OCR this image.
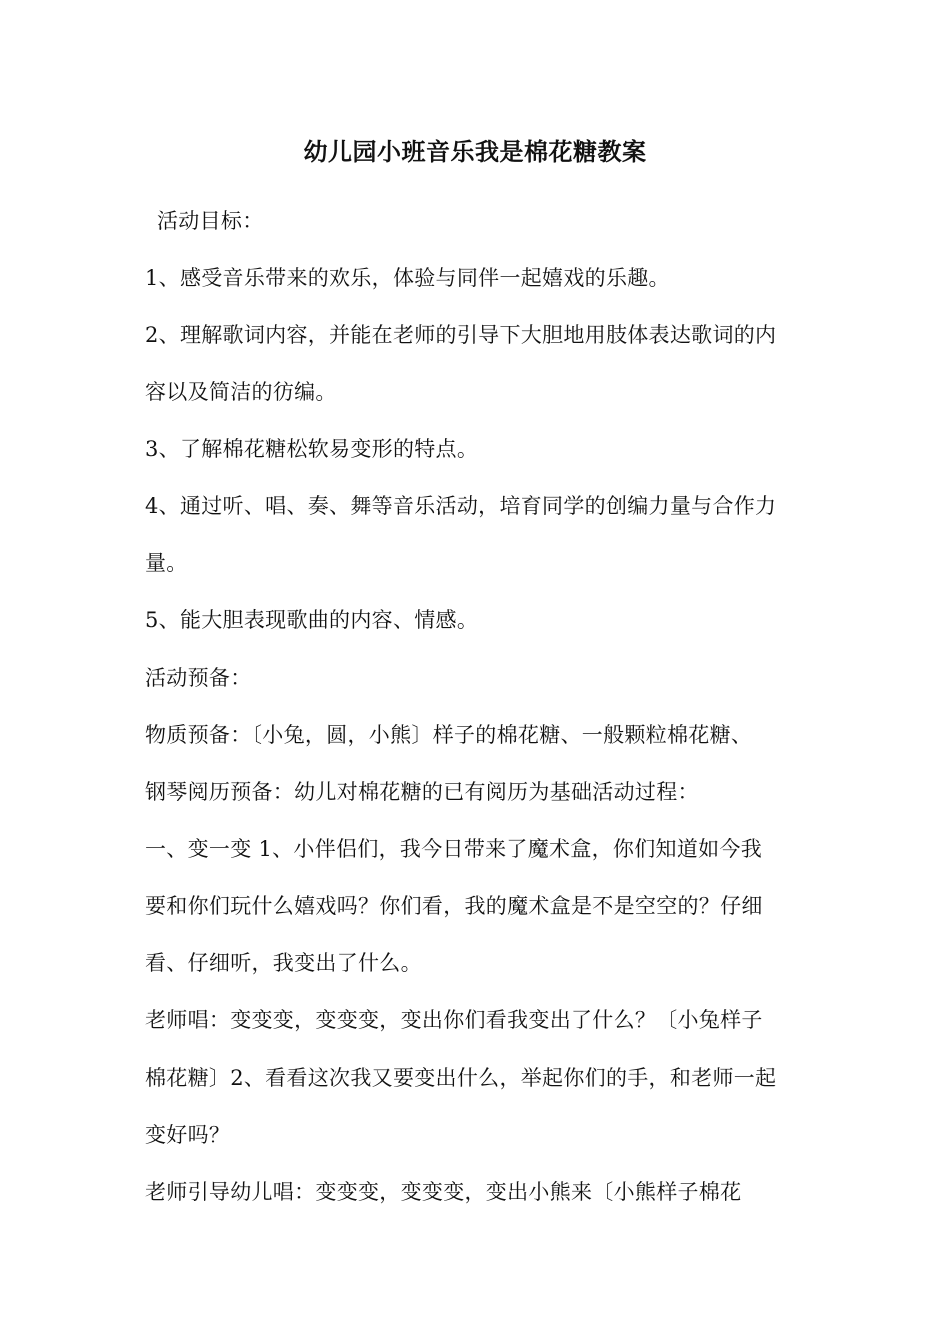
幼儿园小班音乐我是棉花糖教案
活动目标：
1、感受音乐带来的欢乐，体验与同伴一起嬉戏的乐趣。
2、理解歌词内容，并能在老师的引导下大胆地用肢体表达歌词的内
容以及简洁的彷编。
3、了解棉花糖松软易变形的特点。
4、通过听、唱、奏、舞等音乐活动，培育同学的创编力量与合作力
量。
5、能大胆表现歌曲的内容、情感。
活动预备：
物质预备：〔小兔，圆，小熊〕样子的棉花糖、一般颗粒棉花糖、
钢琴阅历预备：幼儿对棉花糖的已有阅历为基础活动过程：
一、变一变 1、小伴侣们，我今日带来了魔术盒，你们知道如今我
要和你们玩什么嬉戏吗？你们看，我的魔术盒是不是空空的？仔细
看、仔细听，我变出了什么。
老师唱：变变变，变变变，变出你们看我变出了什么？〔小兔样子
棉花糖〕2、看看这次我又要变出什么，举起你们的手，和老师一起
变好吗？
老师引导幼儿唱：变变变，变变变，变出小熊来〔小熊样子棉花
